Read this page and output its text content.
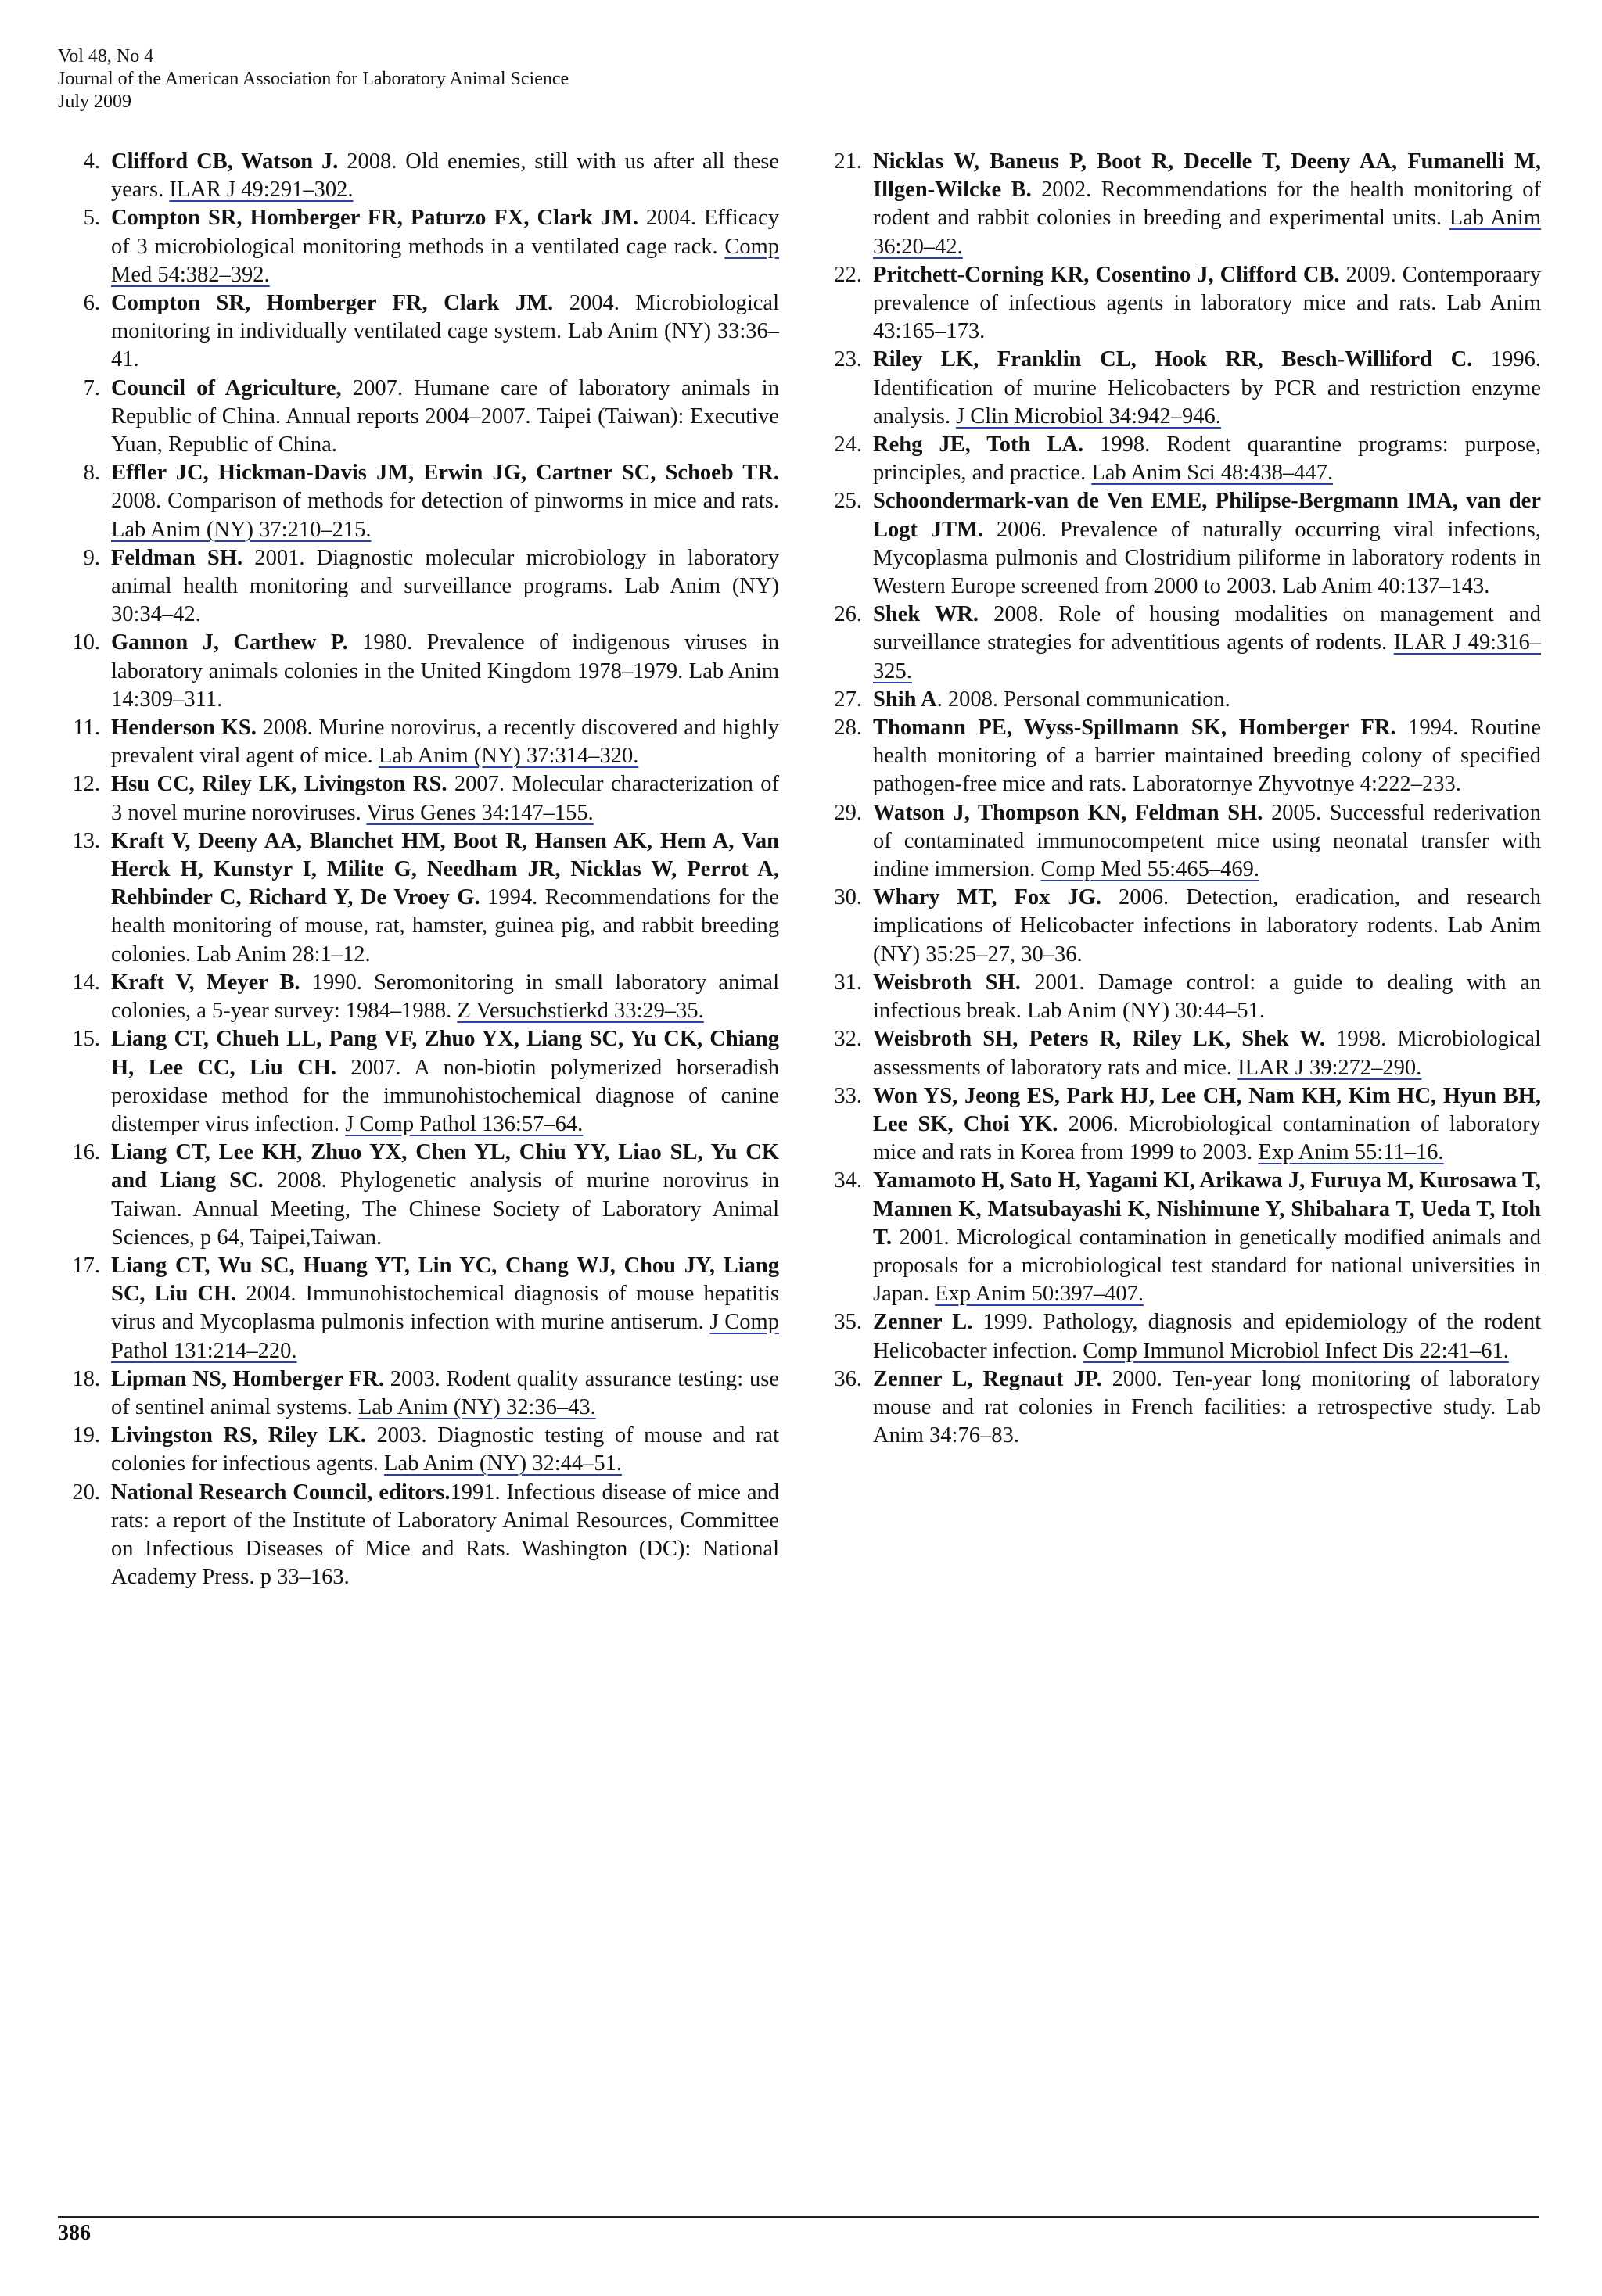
Vol 48, No 4
Journal of the American Association for Laboratory Animal Science
July 2009

4. Clifford CB, Watson J. 2008. Old enemies, still with us after all these years. ILAR J 49:291–302.

5. Compton SR, Homberger FR, Paturzo FX, Clark JM. 2004. Efficacy of 3 microbiological monitoring methods in a ventilated cage rack. Comp Med 54:382–392.

6. Compton SR, Homberger FR, Clark JM. 2004. Microbiological monitoring in individually ventilated cage system. Lab Anim (NY) 33:36–41.

7. Council of Agriculture, 2007. Humane care of laboratory animals in Republic of China. Annual reports 2004–2007. Taipei (Taiwan): Executive Yuan, Republic of China.

8. Effler JC, Hickman-Davis JM, Erwin JG, Cartner SC, Schoeb TR. 2008. Comparison of methods for detection of pinworms in mice and rats. Lab Anim (NY) 37:210–215.

9. Feldman SH. 2001. Diagnostic molecular microbiology in laboratory animal health monitoring and surveillance programs. Lab Anim (NY) 30:34–42.

10. Gannon J, Carthew P. 1980. Prevalence of indigenous viruses in laboratory animals colonies in the United Kingdom 1978–1979. Lab Anim 14:309–311.

11. Henderson KS. 2008. Murine norovirus, a recently discovered and highly prevalent viral agent of mice. Lab Anim (NY) 37:314–320.

12. Hsu CC, Riley LK, Livingston RS. 2007. Molecular characterization of 3 novel murine noroviruses. Virus Genes 34:147–155.

13. Kraft V, Deeny AA, Blanchet HM, Boot R, Hansen AK, Hem A, Van Herck H, Kunstyr I, Milite G, Needham JR, Nicklas W, Perrot A, Rehbinder C, Richard Y, De Vroey G. 1994. Recommendations for the health monitoring of mouse, rat, hamster, guinea pig, and rabbit breeding colonies. Lab Anim 28:1–12.

14. Kraft V, Meyer B. 1990. Seromonitoring in small laboratory animal colonies, a 5-year survey: 1984–1988. Z Versuchstierkd 33:29–35.

15. Liang CT, Chueh LL, Pang VF, Zhuo YX, Liang SC, Yu CK, Chiang H, Lee CC, Liu CH. 2007. A non-biotin polymerized horseradish peroxidase method for the immunohistochemical diagnose of canine distemper virus infection. J Comp Pathol 136:57–64.

16. Liang CT, Lee KH, Zhuo YX, Chen YL, Chiu YY, Liao SL, Yu CK and Liang SC. 2008. Phylogenetic analysis of murine norovirus in Taiwan. Annual Meeting, The Chinese Society of Laboratory Animal Sciences, p 64, Taipei,Taiwan.

17. Liang CT, Wu SC, Huang YT, Lin YC, Chang WJ, Chou JY, Liang SC, Liu CH. 2004. Immunohistochemical diagnosis of mouse hepatitis virus and Mycoplasma pulmonis infection with murine antiserum. J Comp Pathol 131:214–220.

18. Lipman NS, Homberger FR. 2003. Rodent quality assurance testing: use of sentinel animal systems. Lab Anim (NY) 32:36–43.

19. Livingston RS, Riley LK. 2003. Diagnostic testing of mouse and rat colonies for infectious agents. Lab Anim (NY) 32:44–51.

20. National Research Council, editors.1991. Infectious disease of mice and rats: a report of the Institute of Laboratory Animal Resources, Committee on Infectious Diseases of Mice and Rats. Washington (DC): National Academy Press. p 33–163.

21. Nicklas W, Baneus P, Boot R, Decelle T, Deeny AA, Fumanelli M, Illgen-Wilcke B. 2002. Recommendations for the health monitoring of rodent and rabbit colonies in breeding and experimental units. Lab Anim 36:20–42.

22. Pritchett-Corning KR, Cosentino J, Clifford CB. 2009. Contemporaary prevalence of infectious agents in laboratory mice and rats. Lab Anim 43:165–173.

23. Riley LK, Franklin CL, Hook RR, Besch-Williford C. 1996. Identification of murine Helicobacters by PCR and restriction enzyme analysis. J Clin Microbiol 34:942–946.

24. Rehg JE, Toth LA. 1998. Rodent quarantine programs: purpose, principles, and practice. Lab Anim Sci 48:438–447.

25. Schoondermark-van de Ven EME, Philipse-Bergmann IMA, van der Logt JTM. 2006. Prevalence of naturally occurring viral infections, Mycoplasma pulmonis and Clostridium piliforme in laboratory rodents in Western Europe screened from 2000 to 2003. Lab Anim 40:137–143.

26. Shek WR. 2008. Role of housing modalities on management and surveillance strategies for adventitious agents of rodents. ILAR J 49:316–325.

27. Shih A. 2008. Personal communication.

28. Thomann PE, Wyss-Spillmann SK, Homberger FR. 1994. Routine health monitoring of a barrier maintained breeding colony of specified pathogen-free mice and rats. Laboratornye Zhyvotnye 4:222–233.

29. Watson J, Thompson KN, Feldman SH. 2005. Successful rederivation of contaminated immunocompetent mice using neonatal transfer with indine immersion. Comp Med 55:465–469.

30. Whary MT, Fox JG. 2006. Detection, eradication, and research implications of Helicobacter infections in laboratory rodents. Lab Anim (NY) 35:25–27, 30–36.

31. Weisbroth SH. 2001. Damage control: a guide to dealing with an infectious break. Lab Anim (NY) 30:44–51.

32. Weisbroth SH, Peters R, Riley LK, Shek W. 1998. Microbiological assessments of laboratory rats and mice. ILAR J 39:272–290.

33. Won YS, Jeong ES, Park HJ, Lee CH, Nam KH, Kim HC, Hyun BH, Lee SK, Choi YK. 2006. Microbiological contamination of laboratory mice and rats in Korea from 1999 to 2003. Exp Anim 55:11–16.

34. Yamamoto H, Sato H, Yagami KI, Arikawa J, Furuya M, Kurosawa T, Mannen K, Matsubayashi K, Nishimune Y, Shibahara T, Ueda T, Itoh T. 2001. Micrological contamination in genetically modified animals and proposals for a microbiological test standard for national universities in Japan. Exp Anim 50:397–407.

35. Zenner L. 1999. Pathology, diagnosis and epidemiology of the rodent Helicobacter infection. Comp Immunol Microbiol Infect Dis 22:41–61.

36. Zenner L, Regnaut JP. 2000. Ten-year long monitoring of laboratory mouse and rat colonies in French facilities: a retrospective study. Lab Anim 34:76–83.

386
